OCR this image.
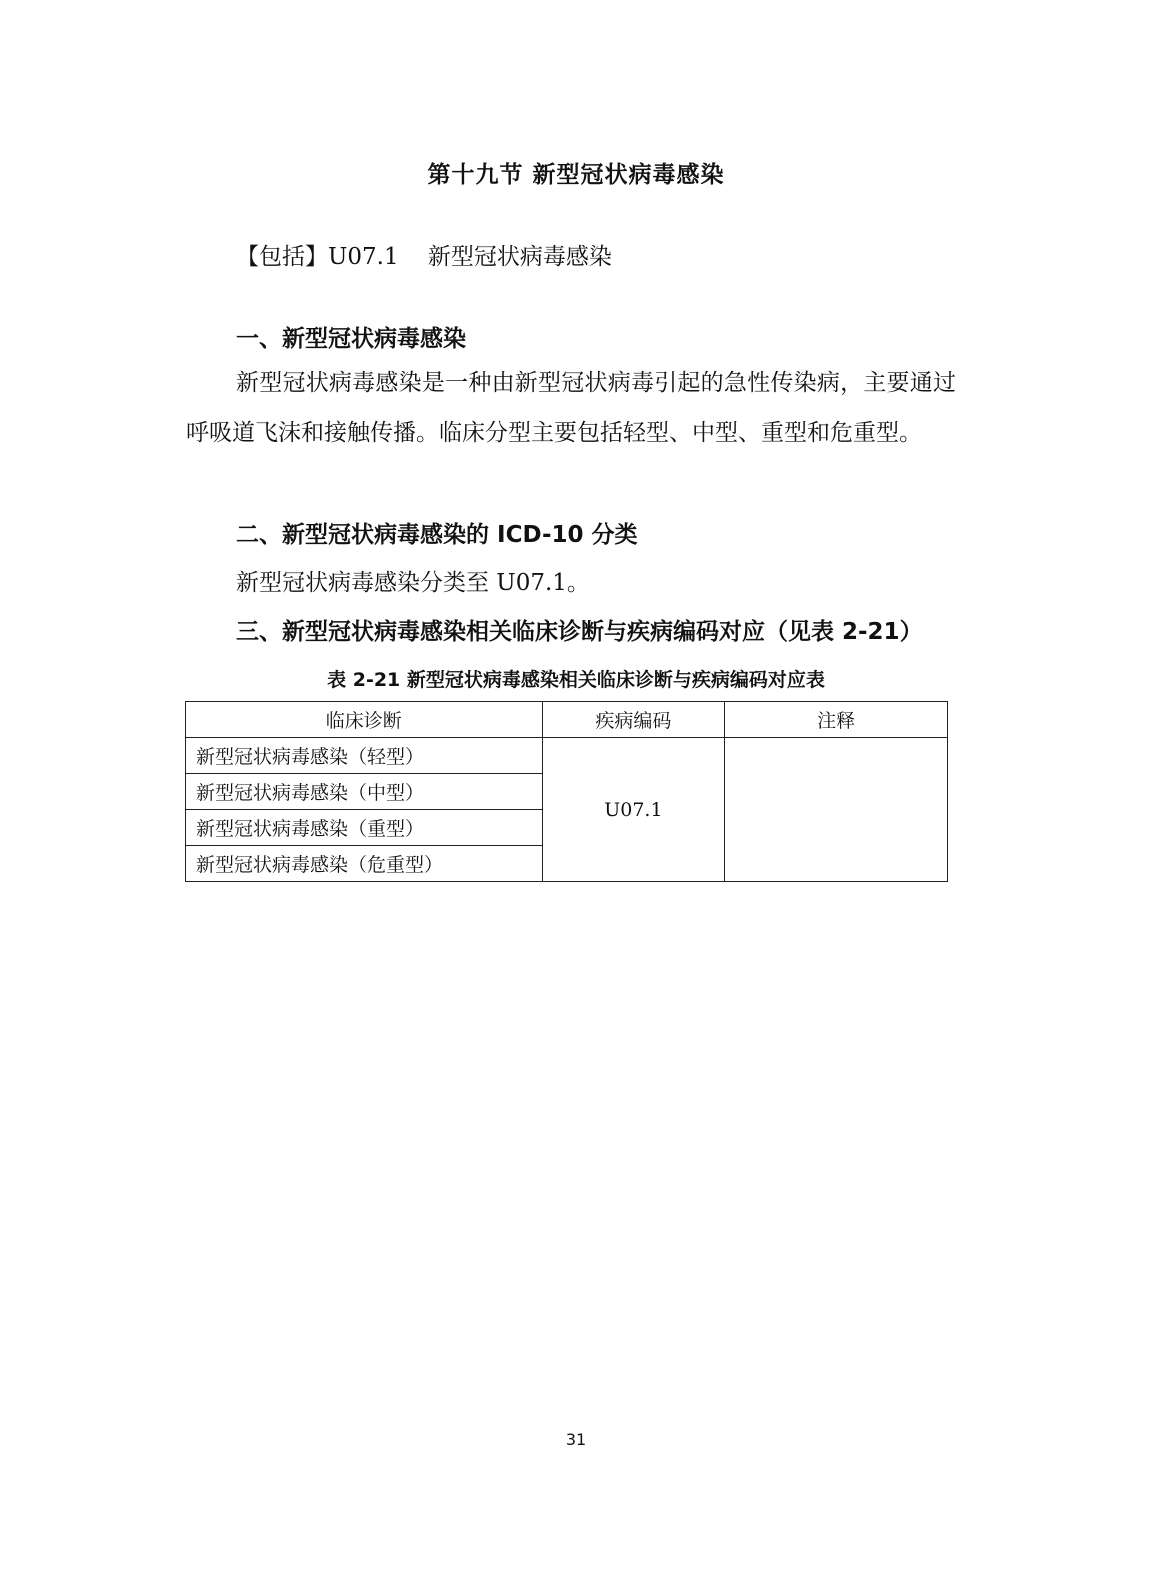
第十九节 新型冠状病毒感染
【包括】U07.1    新型冠状病毒感染
一、新型冠状病毒感染
新型冠状病毒感染是一种由新型冠状病毒引起的急性传染病，主要通过呼吸道飞沫和接触传播。临床分型主要包括轻型、中型、重型和危重型。
二、新型冠状病毒感染的 ICD-10 分类
新型冠状病毒感染分类至 U07.1。
三、新型冠状病毒感染相关临床诊断与疾病编码对应（见表 2-21）
表 2-21 新型冠状病毒感染相关临床诊断与疾病编码对应表
临床诊断	疾病编码	注释
新型冠状病毒感染（轻型）	U07.1	
新型冠状病毒感染（中型）		
新型冠状病毒感染（重型）		
新型冠状病毒感染（危重型）		
31
